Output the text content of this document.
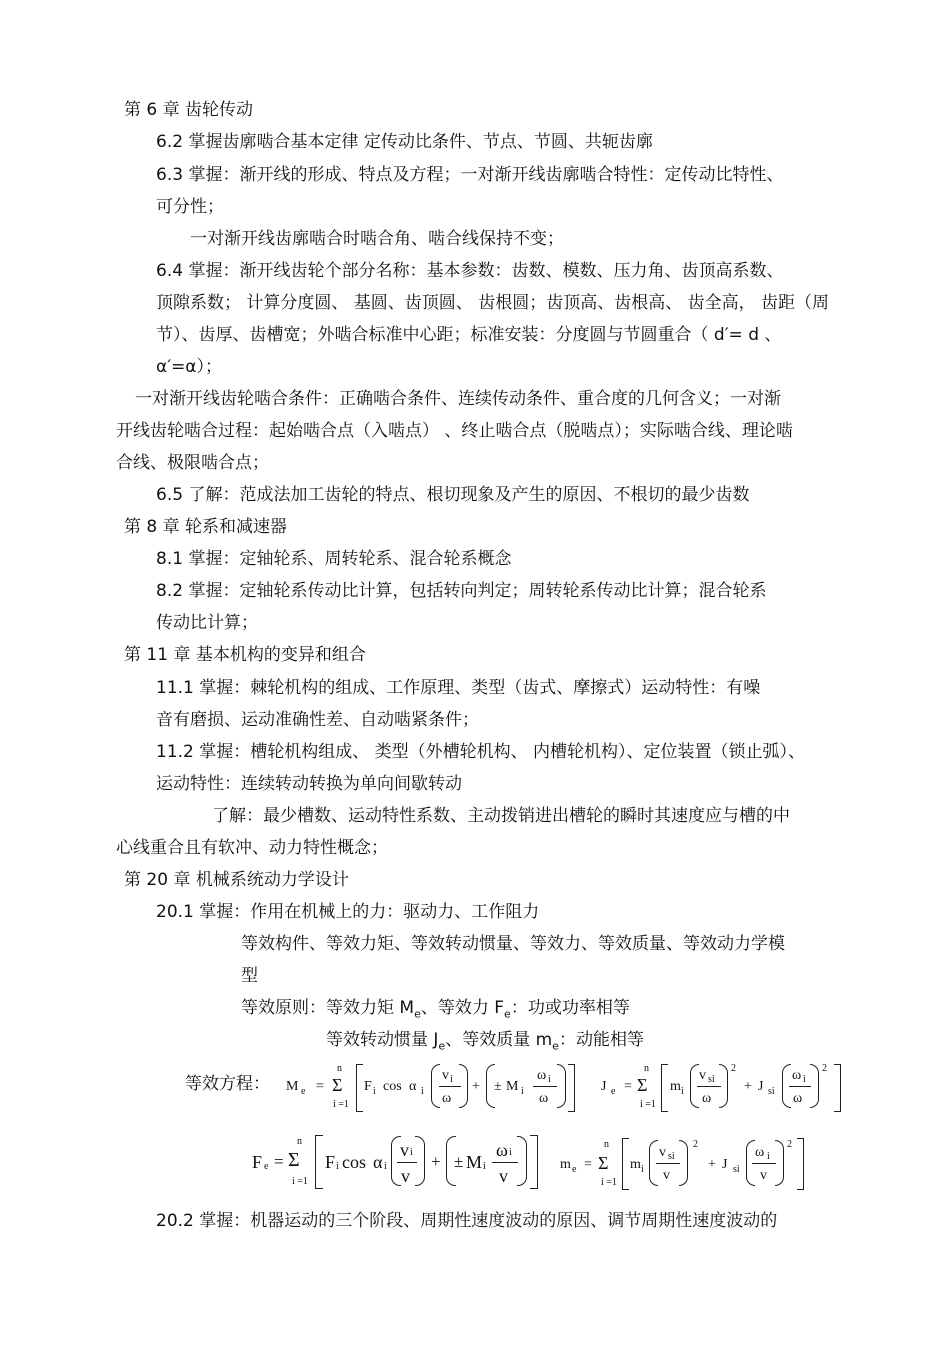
第 6 章 齿轮传动
6.2 掌握齿廓啮合基本定律 定传动比条件、节点、节圆、共轭齿廓
6.3 掌握：渐开线的形成、特点及方程；一对渐开线齿廓啮合特性：定传动比特性、
可分性；
一对渐开线齿廓啮合时啮合角、啮合线保持不变；
6.4 掌握：渐开线齿轮个部分名称：基本参数：齿数、模数、压力角、齿顶高系数、
顶隙系数； 计算分度圆、 基圆、齿顶圆、 齿根圆；齿顶高、齿根高、 齿全高， 齿距（周
节）、齿厚、齿槽宽；外啮合标准中心距；标准安装：分度圆与节圆重合（ d′= d 、
α′=α）；
一对渐开线齿轮啮合条件：正确啮合条件、连续传动条件、重合度的几何含义；一对渐
开线齿轮啮合过程：起始啮合点（入啮点） 、终止啮合点（脱啮点）；实际啮合线、理论啮
合线、极限啮合点；
6.5 了解：范成法加工齿轮的特点、根切现象及产生的原因、不根切的最少齿数
第 8 章 轮系和减速器
8.1 掌握：定轴轮系、周转轮系、混合轮系概念
8.2 掌握：定轴轮系传动比计算，包括转向判定；周转轮系传动比计算；混合轮系
传动比计算；
第 11 章 基本机构的变异和组合
11.1 掌握：棘轮机构的组成、工作原理、类型（齿式、摩擦式）运动特性：有噪
音有磨损、运动准确性差、自动啮紧条件；
11.2 掌握：槽轮机构组成、 类型（外槽轮机构、 内槽轮机构）、定位装置（锁止弧）、
运动特性：连续转动转换为单向间歇转动
了解：最少槽数、运动特性系数、主动拨销进出槽轮的瞬时其速度应与槽的中
心线重合且有软冲、动力特性概念；
第 20 章 机械系统动力学设计
20.1 掌握：作用在机械上的力：驱动力、工作阻力
等效构件、等效力矩、等效转动惯量、等效力、等效质量、等效动力学模
型
等效原则：等效力矩 $M_e$、等效力 $F_e$：功或功率相等
等效转动惯量 $J_e$、等效质量 $m_e$：动能相等
等效方程： M e = Σ
n
i =1
F i cos α i
v i
ω
+ ± M i
ω i
ω
J e = Σ
n
i =1
m i
v si
ω
2
+ J si
ω i
ω
2
F e = Σ
n
i =1
F i cos α i
v i
v
+ ± M i
ω i
v
m e = Σ
n
i =1
m i
v si
v
2
+ J si
ω i
v
2
20.2 掌握：机器运动的三个阶段、周期性速度波动的原因、调节周期性速度波动的
